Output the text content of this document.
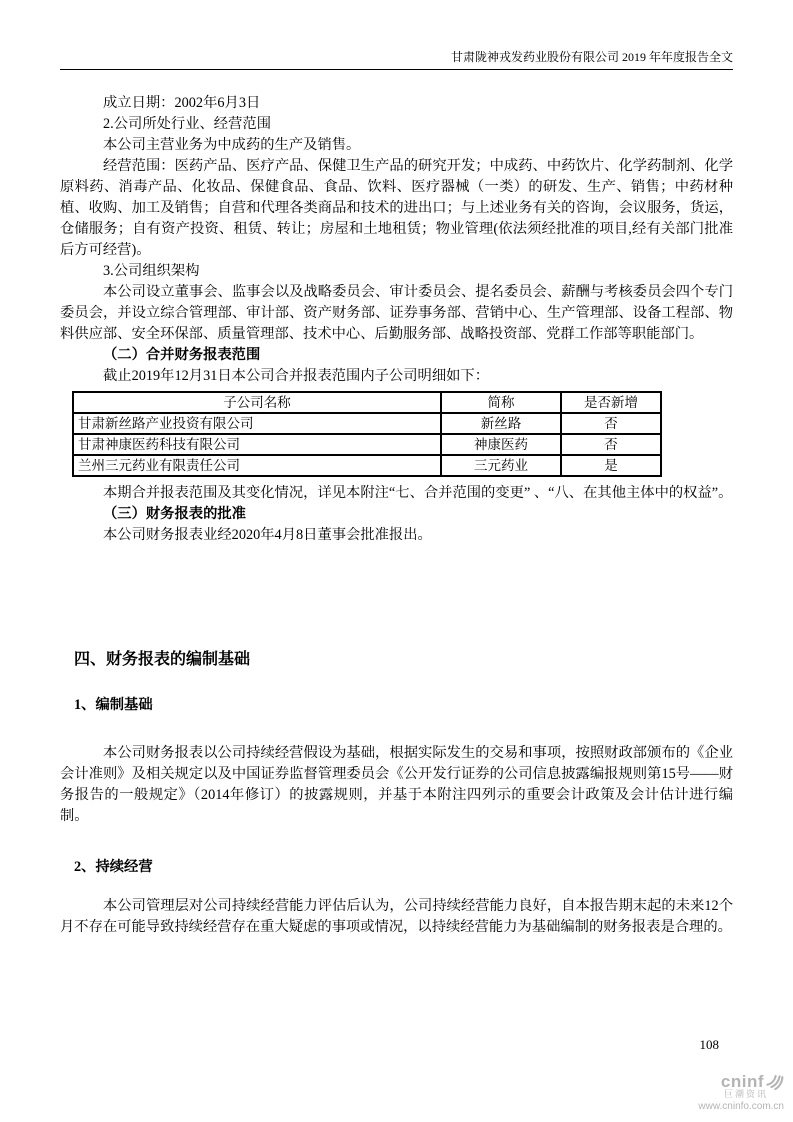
甘肃陇神戎发药业股份有限公司 2019 年年度报告全文

成立日期：2002年6月3日

2.公司所处行业、经营范围

本公司主营业务为中成药的生产及销售。

经营范围：医药产品、医疗产品、保健卫生产品的研究开发；中成药、中药饮片、化学药制剂、化学原料药、消毒产品、化妆品、保健食品、食品、饮料、医疗器械（一类）的研发、生产、销售；中药材种植、收购、加工及销售；自营和代理各类商品和技术的进出口；与上述业务有关的咨询，会议服务，货运，仓储服务；自有资产投资、租赁、转让；房屋和土地租赁；物业管理(依法须经批准的项目,经有关部门批准后方可经营)。

3.公司组织架构

本公司设立董事会、监事会以及战略委员会、审计委员会、提名委员会、薪酬与考核委员会四个专门委员会，并设立综合管理部、审计部、资产财务部、证券事务部、营销中心、生产管理部、设备工程部、物料供应部、安全环保部、质量管理部、技术中心、后勤服务部、战略投资部、党群工作部等职能部门。

（二）合并财务报表范围

截止2019年12月31日本公司合并报表范围内子公司明细如下：

子公司名称	简称	是否新增
甘肃新丝路产业投资有限公司	新丝路	否
甘肃神康医药科技有限公司	神康医药	否
兰州三元药业有限责任公司	三元药业	是

本期合并报表范围及其变化情况，详见本附注“七、合并范围的变更” 、“八、在其他主体中的权益”。

（三）财务报表的批准

本公司财务报表业经2020年4月8日董事会批准报出。

四、财务报表的编制基础

1、编制基础

本公司财务报表以公司持续经营假设为基础，根据实际发生的交易和事项，按照财政部颁布的《企业会计准则》及相关规定以及中国证券监督管理委员会《公开发行证券的公司信息披露编报规则第15号——财务报告的一般规定》（2014年修订）的披露规则，并基于本附注四列示的重要会计政策及会计估计进行编制。

2、持续经营

本公司管理层对公司持续经营能力评估后认为，公司持续经营能力良好，自本报告期末起的未来12个月不存在可能导致持续经营存在重大疑虑的事项或情况，以持续经营能力为基础编制的财务报表是合理的。

108
cninf
巨潮资讯
www.cninfo.com.cn
